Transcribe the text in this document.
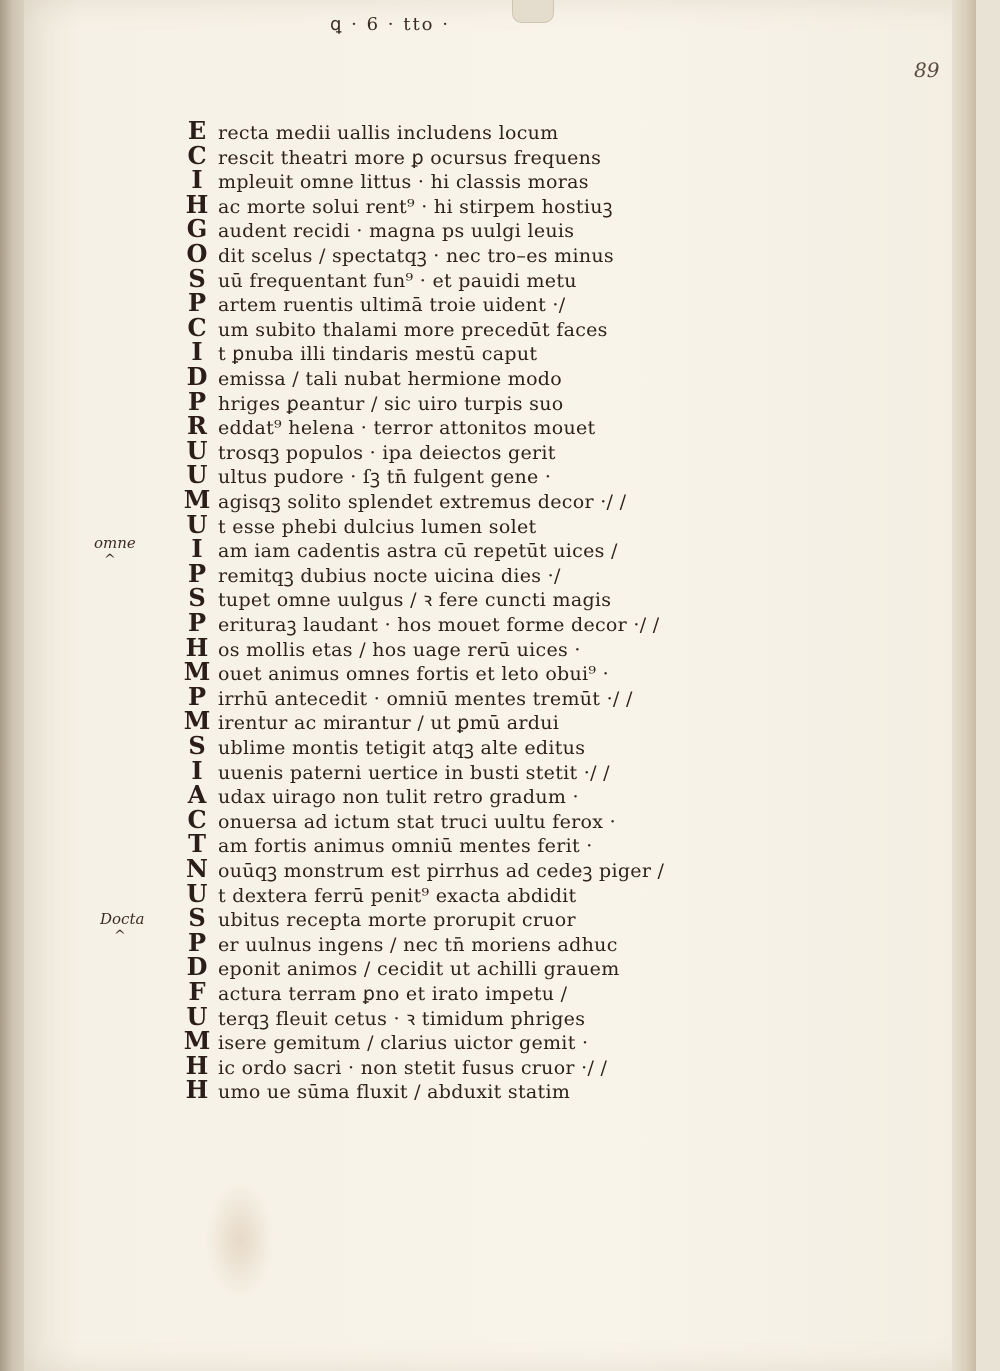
ꝗ · 6 · tto ·
89
omne
^
Docta
^
E recta medii uallis includens locum
C rescit theatri more ꝑ ocursus frequens
I mpleuit omne littus · hi classis moras
H ac morte solui rent⁹ · hi stirpem hostiuꝫ
G audent recidi · magna ps uulgi leuis
O dit scelus / spectatqꝫ · nec tro–es minus
S uū frequentant fun⁹ · et pauidi metu
P artem ruentis ultimā troie uident ·/
C um subito thalami more precedūt faces
I t ꝑnuba illi tindaris mestū caput
D emissa / tali nubat hermione modo
P hriges ꝑeantur / sic uiro turpis suo
R eddat⁹ helena · terror attonitos mouet
U trosqꝫ populos · ipa deiectos gerit
U ultus pudore · ſꝫ tn̄ fulgent gene ·
M agisqꝫ solito splendet extremus decor ·/ /
U t esse phebi dulcius lumen solet
I am iam cadentis astra cū repetūt uices /
P remitqꝫ dubius nocte uicina dies ·/
S tupet omne uulgus / ꝛ fere cuncti magis
P erituraꝫ laudant · hos mouet forme decor ·/ /
H os mollis etas / hos uage rerū uices ·
M ouet animus omnes fortis et leto obui⁹ ·
P irrhū antecedit · omniū mentes tremūt ·/ /
M irentur ac mirantur / ut ꝑmū ardui
S ublime montis tetigit atqꝫ alte editus
I uuenis paterni uertice in busti stetit ·/ /
A udax uirago non tulit retro gradum ·
C onuersa ad ictum stat truci uultu ferox ·
T am fortis animus omniū mentes ferit ·
N ouūqꝫ monstrum est pirrhus ad cedeꝫ piger /
U t dextera ferrū penit⁹ exacta abdidit
S ubitus recepta morte prorupit cruor
P er uulnus ingens / nec tn̄ moriens adhuc
D eponit animos / cecidit ut achilli grauem
F actura terram ꝑno et irato impetu /
U terqꝫ fleuit cetus · ꝛ timidum phriges
M isere gemitum / clarius uictor gemit ·
H ic ordo sacri · non stetit fusus cruor ·/ /
H umo ue sūma fluxit / abduxit statim
